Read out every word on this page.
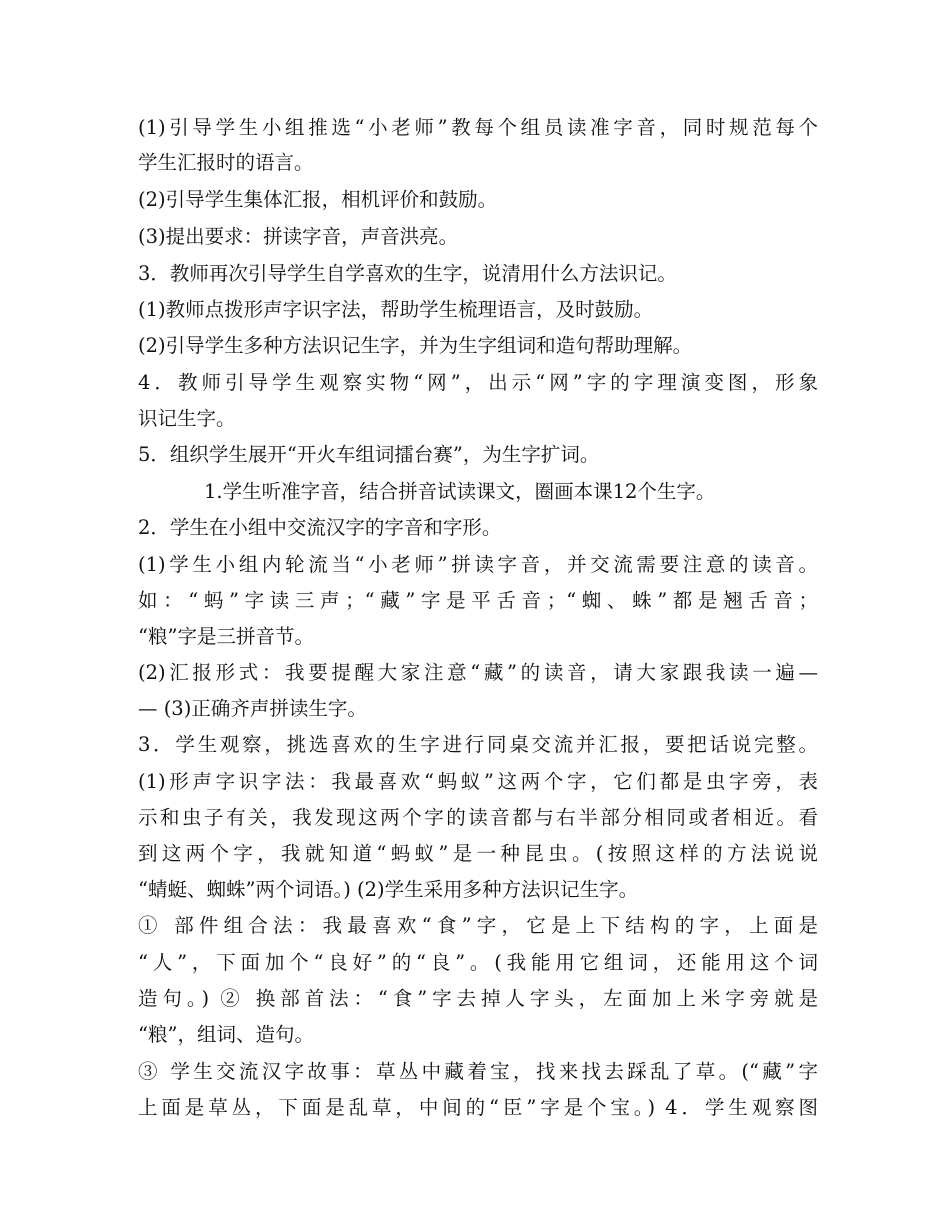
(1)引导学生小组推选“小老师”教每个组员读准字音，同时规范每个
学生汇报时的语言。
(2)引导学生集体汇报，相机评价和鼓励。
(3)提出要求：拼读字音，声音洪亮。
3．教师再次引导学生自学喜欢的生字，说清用什么方法识记。
(1)教师点拨形声字识字法，帮助学生梳理语言，及时鼓励。
(2)引导学生多种方法识记生字，并为生字组词和造句帮助理解。
4．教师引导学生观察实物“网”，出示“网”字的字理演变图，形象
识记生字。
5．组织学生展开“开火车组词擂台赛”，为生字扩词。
1.学生听准字音，结合拼音试读课文，圈画本课12个生字。
2．学生在小组中交流汉字的字音和字形。
(1)学生小组内轮流当“小老师”拼读字音，并交流需要注意的读音。
如：“蚂”字读三声；“藏”字是平舌音；“蜘、蛛”都是翘舌音；
“粮”字是三拼音节。
(2)汇报形式：我要提醒大家注意“藏”的读音，请大家跟我读一遍—
— (3)正确齐声拼读生字。
3．学生观察，挑选喜欢的生字进行同桌交流并汇报，要把话说完整。
(1)形声字识字法：我最喜欢“蚂蚁”这两个字，它们都是虫字旁，表
示和虫子有关，我发现这两个字的读音都与右半部分相同或者相近。看
到这两个字，我就知道“蚂蚁”是一种昆虫。(按照这样的方法说说
“蜻蜓、蜘蛛”两个词语。) (2)学生采用多种方法识记生字。
① 部件组合法：我最喜欢“食”字，它是上下结构的字，上面是
“人”，下面加个“良好”的“良”。(我能用它组词，还能用这个词
造句。) ② 换部首法：“食”字去掉人字头，左面加上米字旁就是
“粮”，组词、造句。
③ 学生交流汉字故事：草丛中藏着宝，找来找去踩乱了草。(“藏”字
上面是草丛，下面是乱草，中间的“臣”字是个宝。) 4．学生观察图
